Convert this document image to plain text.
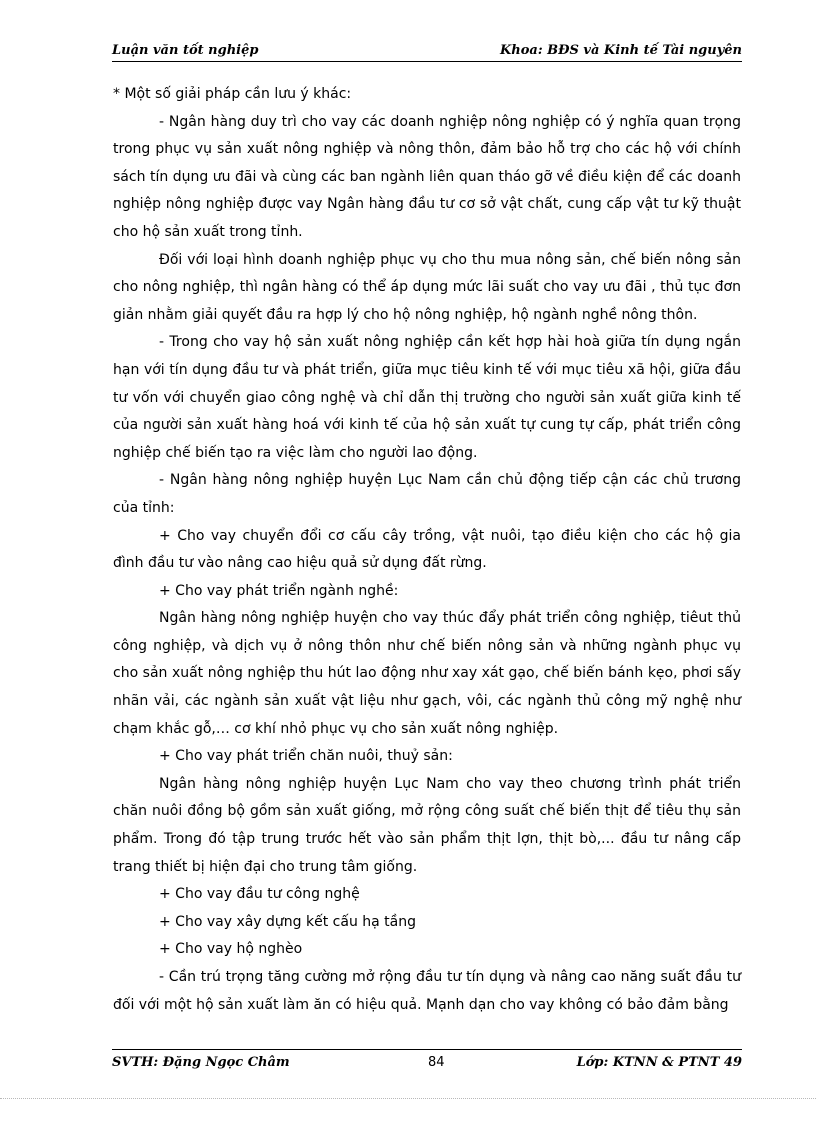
Luận văn tốt nghiệp	Khoa: BĐS và Kinh tế Tài nguyên

* Một số giải pháp cần lưu ý khác:

- Ngân hàng duy trì cho vay các doanh nghiệp nông nghiệp có ý nghĩa quan trọng trong phục vụ sản xuất nông nghiệp và nông thôn, đảm bảo hỗ trợ cho các hộ với chính sách tín dụng ưu đãi và cùng các ban ngành liên quan tháo gỡ về điều kiện để các doanh nghiệp nông nghiệp được vay Ngân hàng đầu tư cơ sở vật chất, cung cấp vật tư kỹ thuật cho hộ sản xuất trong tỉnh.

Đối với loại hình doanh nghiệp phục vụ cho thu mua nông sản, chế biến nông sản cho nông nghiệp, thì ngân hàng có thể áp dụng mức lãi suất cho vay ưu đãi , thủ tục đơn giản nhằm giải quyết đầu ra hợp lý cho hộ nông nghiệp, hộ ngành nghề nông thôn.

- Trong cho vay hộ sản xuất nông nghiệp cần kết hợp hài hoà giữa tín dụng ngắn hạn với tín dụng đầu tư và phát triển, giữa mục tiêu kinh tế với mục tiêu xã hội, giữa đầu tư vốn với chuyển giao công nghệ và chỉ dẫn thị trường cho người sản xuất giữa kinh tế của người sản xuất hàng hoá với kinh tế của hộ sản xuất tự cung tự cấp, phát triển công nghiệp chế biến tạo ra việc làm cho người lao động.

- Ngân hàng nông nghiệp huyện Lục Nam cần chủ động tiếp cận các chủ trương của tỉnh:

+ Cho vay chuyển đổi cơ cấu cây trồng, vật nuôi, tạo điều kiện cho các hộ gia đình đầu tư vào nâng cao hiệu quả sử dụng đất rừng.

+ Cho vay phát triển ngành nghề:

Ngân hàng nông nghiệp huyện cho vay thúc đẩy phát triển công nghiệp, tiêut thủ công nghiệp, và dịch vụ ở nông thôn như chế biến nông sản và những ngành phục vụ cho sản xuất nông nghiệp thu hút lao động như xay xát gạo, chế biến bánh kẹo, phơi sấy nhãn vải, các ngành sản xuất vật liệu như gạch, vôi, các ngành thủ công mỹ nghệ như chạm khắc gỗ,… cơ khí nhỏ phục vụ cho sản xuất nông nghiệp.

+ Cho vay phát triển chăn nuôi, thuỷ sản:

Ngân hàng nông nghiệp huyện Lục Nam cho vay theo chương trình phát triển chăn nuôi đồng bộ gồm sản xuất giống, mở rộng công suất chế biến thịt để tiêu thụ sản phẩm. Trong đó tập trung trước hết vào sản phẩm thịt lợn, thịt bò,... đầu tư nâng cấp trang thiết bị hiện đại cho trung tâm giống.

+ Cho vay đầu tư công nghệ

+ Cho vay xây dựng kết cấu hạ tầng

+ Cho vay hộ nghèo

- Cần trú trọng tăng cường mở rộng đầu tư tín dụng và nâng cao năng suất đầu tư đối với một hộ sản xuất làm ăn có hiệu quả. Mạnh dạn cho vay không có bảo đảm bằng

SVTH: Đặng Ngọc Châm	84	Lớp: KTNN & PTNT 49
